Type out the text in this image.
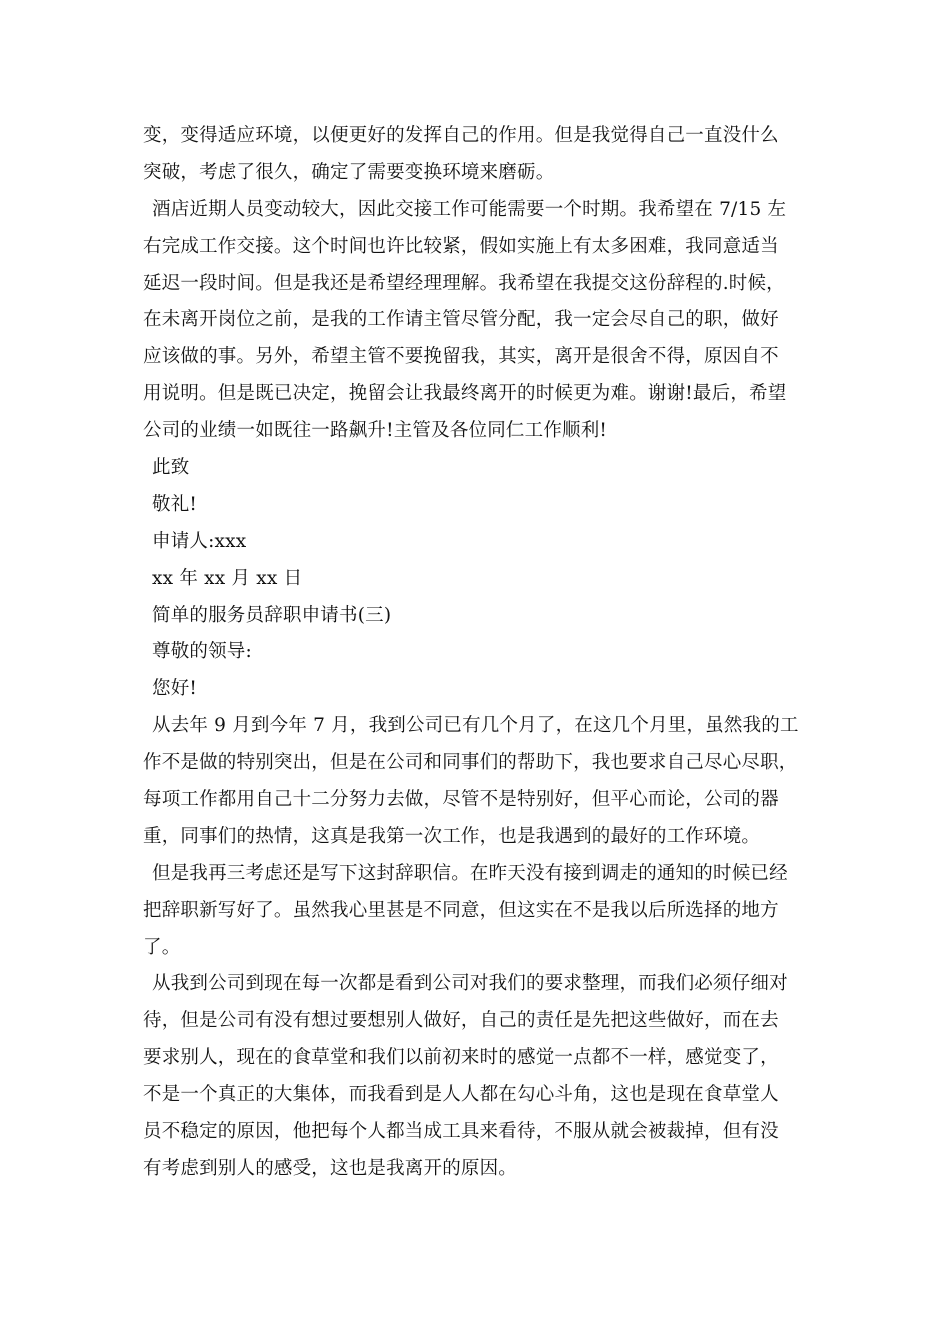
变，变得适应环境，以便更好的发挥自己的作用。但是我觉得自己一直没什么
突破，考虑了很久，确定了需要变换环境来磨砺。
酒店近期人员变动较大，因此交接工作可能需要一个时期。我希望在 7/15 左
右完成工作交接。这个时间也许比较紧，假如实施上有太多困难，我同意适当
延迟一段时间。但是我还是希望经理理解。我希望在我提交这份辞程的.时候，
在未离开岗位之前，是我的工作请主管尽管分配，我一定会尽自己的职，做好
应该做的事。另外，希望主管不要挽留我，其实，离开是很舍不得，原因自不
用说明。但是既已决定，挽留会让我最终离开的时候更为难。谢谢!最后，希望
公司的业绩一如既往一路飙升!主管及各位同仁工作顺利!
此致
敬礼!
申请人:xxx
xx 年 xx 月 xx 日
简单的服务员辞职申请书(三)
尊敬的领导:
您好!
从去年 9 月到今年 7 月，我到公司已有几个月了，在这几个月里，虽然我的工
作不是做的特别突出，但是在公司和同事们的帮助下，我也要求自己尽心尽职，
每项工作都用自己十二分努力去做，尽管不是特别好，但平心而论，公司的器
重，同事们的热情，这真是我第一次工作，也是我遇到的最好的工作环境。
但是我再三考虑还是写下这封辞职信。在昨天没有接到调走的通知的时候已经
把辞职新写好了。虽然我心里甚是不同意，但这实在不是我以后所选择的地方
了。
从我到公司到现在每一次都是看到公司对我们的要求整理，而我们必须仔细对
待，但是公司有没有想过要想别人做好，自己的责任是先把这些做好，而在去
要求别人，现在的食草堂和我们以前初来时的感觉一点都不一样，感觉变了，
不是一个真正的大集体，而我看到是人人都在勾心斗角，这也是现在食草堂人
员不稳定的原因，他把每个人都当成工具来看待，不服从就会被裁掉，但有没
有考虑到别人的感受，这也是我离开的原因。
